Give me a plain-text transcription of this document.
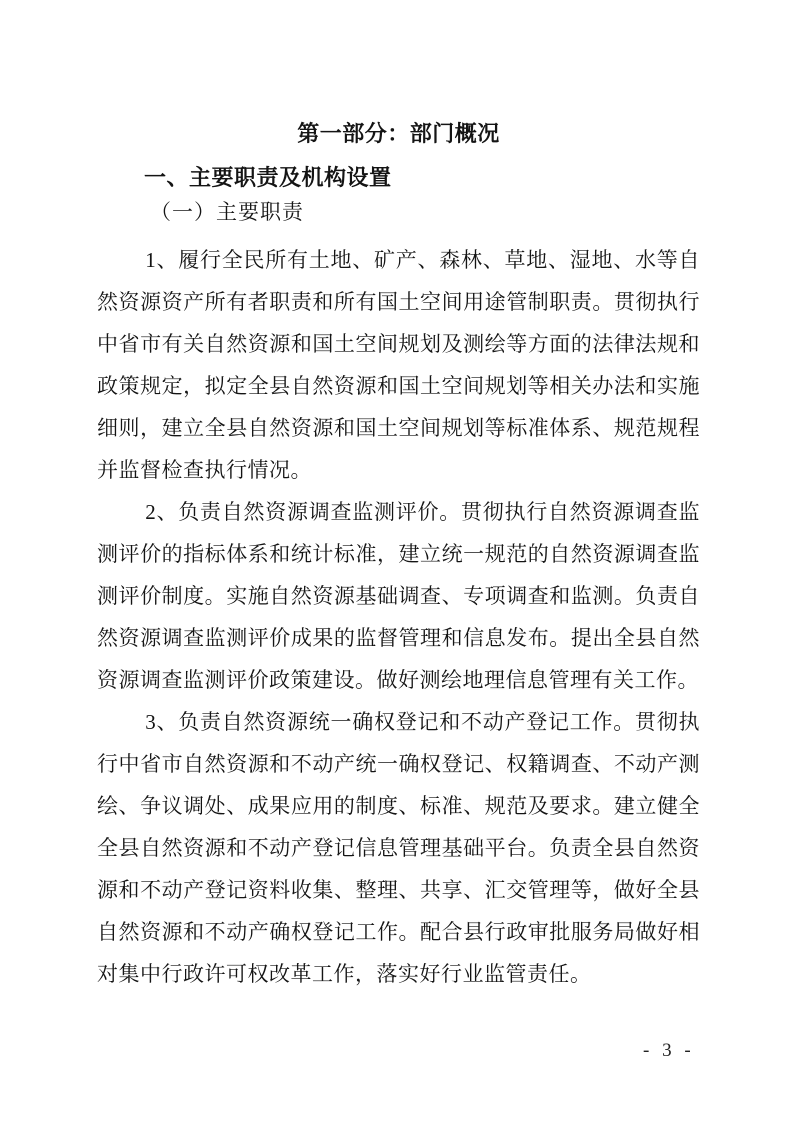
第一部分：部门概况
一、主要职责及机构设置
（一）主要职责

1、履行全民所有土地、矿产、森林、草地、湿地、水等自然资源资产所有者职责和所有国土空间用途管制职责。贯彻执行中省市有关自然资源和国土空间规划及测绘等方面的法律法规和政策规定，拟定全县自然资源和国土空间规划等相关办法和实施细则，建立全县自然资源和国土空间规划等标准体系、规范规程并监督检查执行情况。

2、负责自然资源调查监测评价。贯彻执行自然资源调查监测评价的指标体系和统计标准，建立统一规范的自然资源调查监测评价制度。实施自然资源基础调查、专项调查和监测。负责自然资源调查监测评价成果的监督管理和信息发布。提出全县自然资源调查监测评价政策建设。做好测绘地理信息管理有关工作。

3、负责自然资源统一确权登记和不动产登记工作。贯彻执行中省市自然资源和不动产统一确权登记、权籍调查、不动产测绘、争议调处、成果应用的制度、标准、规范及要求。建立健全全县自然资源和不动产登记信息管理基础平台。负责全县自然资源和不动产登记资料收集、整理、共享、汇交管理等，做好全县自然资源和不动产确权登记工作。配合县行政审批服务局做好相对集中行政许可权改革工作，落实好行业监管责任。

- 3 -
